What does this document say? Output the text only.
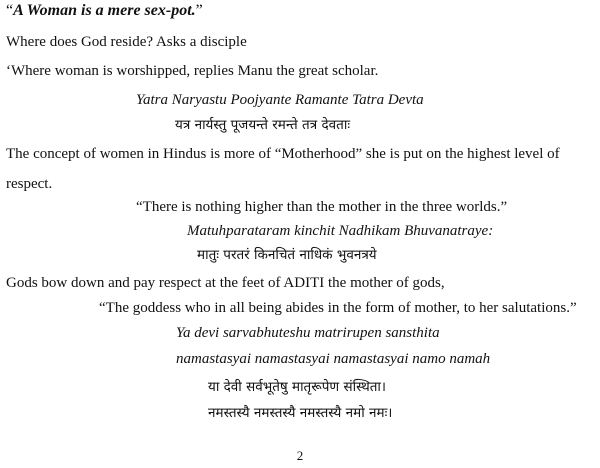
“A Woman is a mere sex-pot.”
Where does God reside? Asks a disciple
‘Where woman is worshipped, replies Manu the great scholar.
Yatra Naryastu Poojyante Ramante Tatra Devta
यत्र नार्यस्तु पूजयन्ते रमन्ते तत्र देवताः
The concept of women in Hindus is more of “Motherhood” she is put on the highest level of
respect.
“There is nothing higher than the mother in the three worlds.”
Matuhparataram kinchit Nadhikam Bhuvanatraye:
मातुः परतरं किनचितं नाधिकं भुवनत्रये
Gods bow down and pay respect at the feet of ADITI the mother of gods,
“The goddess who in all being abides in the form of mother, to her salutations.”
Ya devi sarvabhuteshu matrirupen sansthita
namastasyai namastasyai namastasyai namo namah
या देवी सर्वभूतेषु मातृरूपेण संस्थिता।
नमस्तस्यै नमस्तस्यै नमस्तस्यै नमो नमः।
2
